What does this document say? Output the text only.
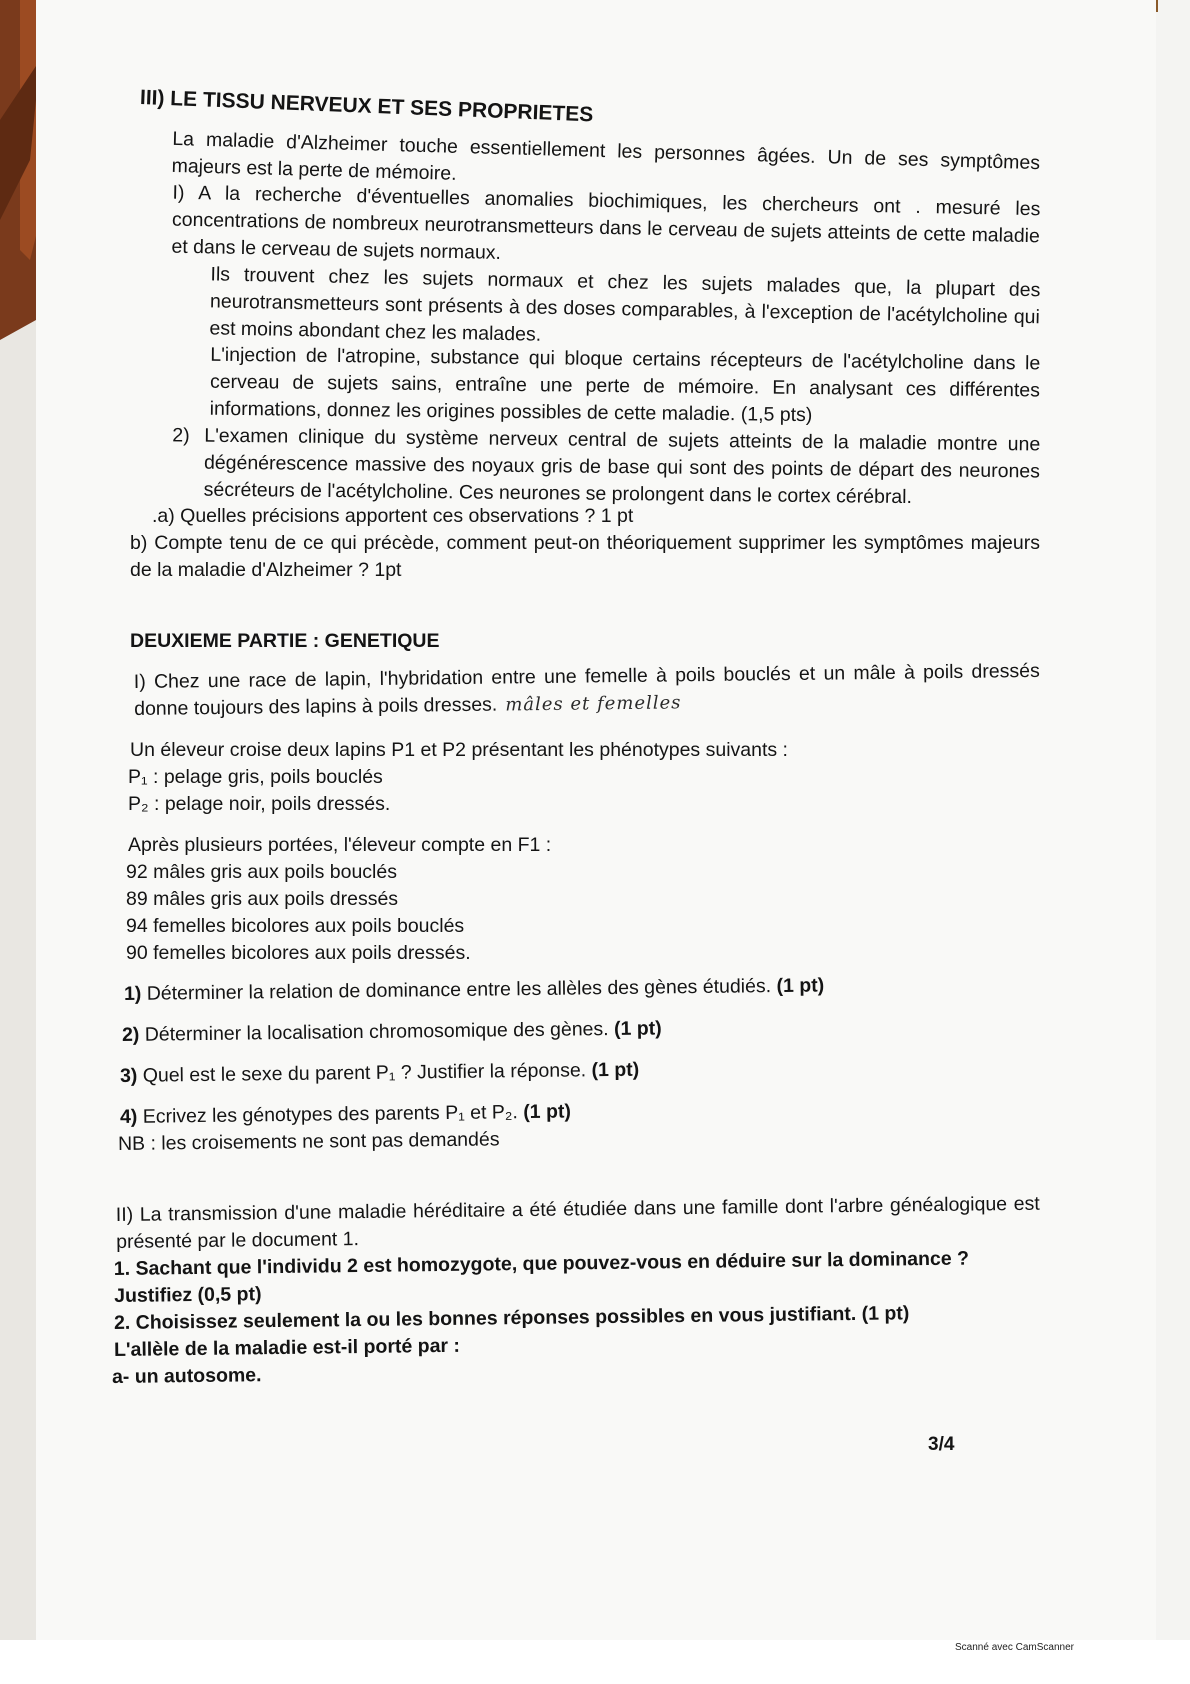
III) LE TISSU NERVEUX ET SES PROPRIETES

La maladie d'Alzheimer touche essentiellement les personnes âgées. Un de ses symptômes majeurs est la perte de mémoire.

I) A la recherche d'éventuelles anomalies biochimiques, les chercheurs ont . mesuré les concentrations de nombreux neurotransmetteurs dans le cerveau de sujets atteints de cette maladie et dans le cerveau de sujets normaux.

Ils trouvent chez les sujets normaux et chez les sujets malades que, la plupart des neurotransmetteurs sont présents à des doses comparables, à l'exception de l'acétylcholine qui est moins abondant chez les malades.

L'injection de l'atropine, substance qui bloque certains récepteurs de l'acétylcholine dans le cerveau de sujets sains, entraîne une perte de mémoire. En analysant ces différentes informations, donnez les origines possibles de cette maladie. (1,5 pts)

2) L'examen clinique du système nerveux central de sujets atteints de la maladie montre une dégénérescence massive des noyaux gris de base qui sont des points de départ des neurones sécréteurs de l'acétylcholine. Ces neurones se prolongent dans le cortex cérébral.

.a) Quelles précisions apportent ces observations ? 1 pt

b) Compte tenu de ce qui précède, comment peut-on théoriquement supprimer les symptômes majeurs de la maladie d'Alzheimer ? 1pt

DEUXIEME PARTIE : GENETIQUE

I) Chez une race de lapin, l'hybridation entre une femelle à poils bouclés et un mâle à poils dressés donne toujours des lapins à poils dresses. mâles et femelles

Un éleveur croise deux lapins P1 et P2 présentant les phénotypes suivants :

P₁ : pelage gris, poils bouclés

P₂ : pelage noir, poils dressés.

Après plusieurs portées, l'éleveur compte en F1 :

92 mâles gris aux poils bouclés

89 mâles gris aux poils dressés

94 femelles bicolores aux poils bouclés

90 femelles bicolores aux poils dressés.

1) Déterminer la relation de dominance entre les allèles des gènes étudiés. (1 pt)

2) Déterminer la localisation chromosomique des gènes. (1 pt)

3) Quel est le sexe du parent P₁ ? Justifier la réponse. (1 pt)

4) Ecrivez les génotypes des parents P₁ et P₂. (1 pt)

NB : les croisements ne sont pas demandés

II) La transmission d'une maladie héréditaire a été étudiée dans une famille dont l'arbre généalogique est présenté par le document 1.

1. Sachant que l'individu 2 est homozygote, que pouvez-vous en déduire sur la dominance ? Justifiez (0,5 pt)

2. Choisissez seulement la ou les bonnes réponses possibles en vous justifiant. (1 pt)

L'allèle de la maladie est-il porté par :

a- un autosome.

3/4
Scanné avec CamScanner
